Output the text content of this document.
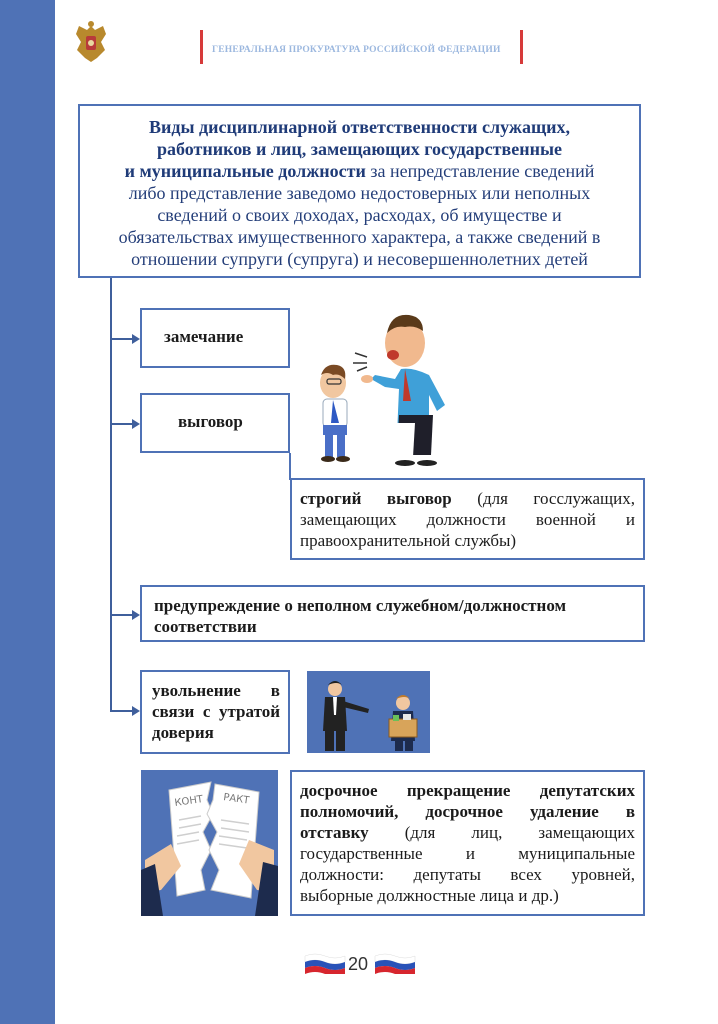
ГЕНЕРАЛЬНАЯ ПРОКУРАТУРА РОССИЙСКОЙ ФЕДЕРАЦИИ
Виды дисциплинарной ответственности служащих,
работников и лиц, замещающих государственные
и муниципальные должности за непредставление сведений
либо представление заведомо недостоверных или неполных
сведений о своих доходах, расходах, об имуществе и
обязательствах имущественного характера, а также сведений в
отношении супруги (супруга) и несовершеннолетних детей
замечание
выговор
строгий выговор (для госслужащих, замещающих должности военной и правоохранительной службы)
предупреждение о неполном служебном/должностном соответствии
увольнение в связи с утратой доверия
КОНТ РАКТ	досрочное прекращение депутатских полномочий, досрочное удаление в отставку (для лиц, замещающих государственные и муниципальные должности: депутаты всех уровней, выборные должностные лица и др.)
20
